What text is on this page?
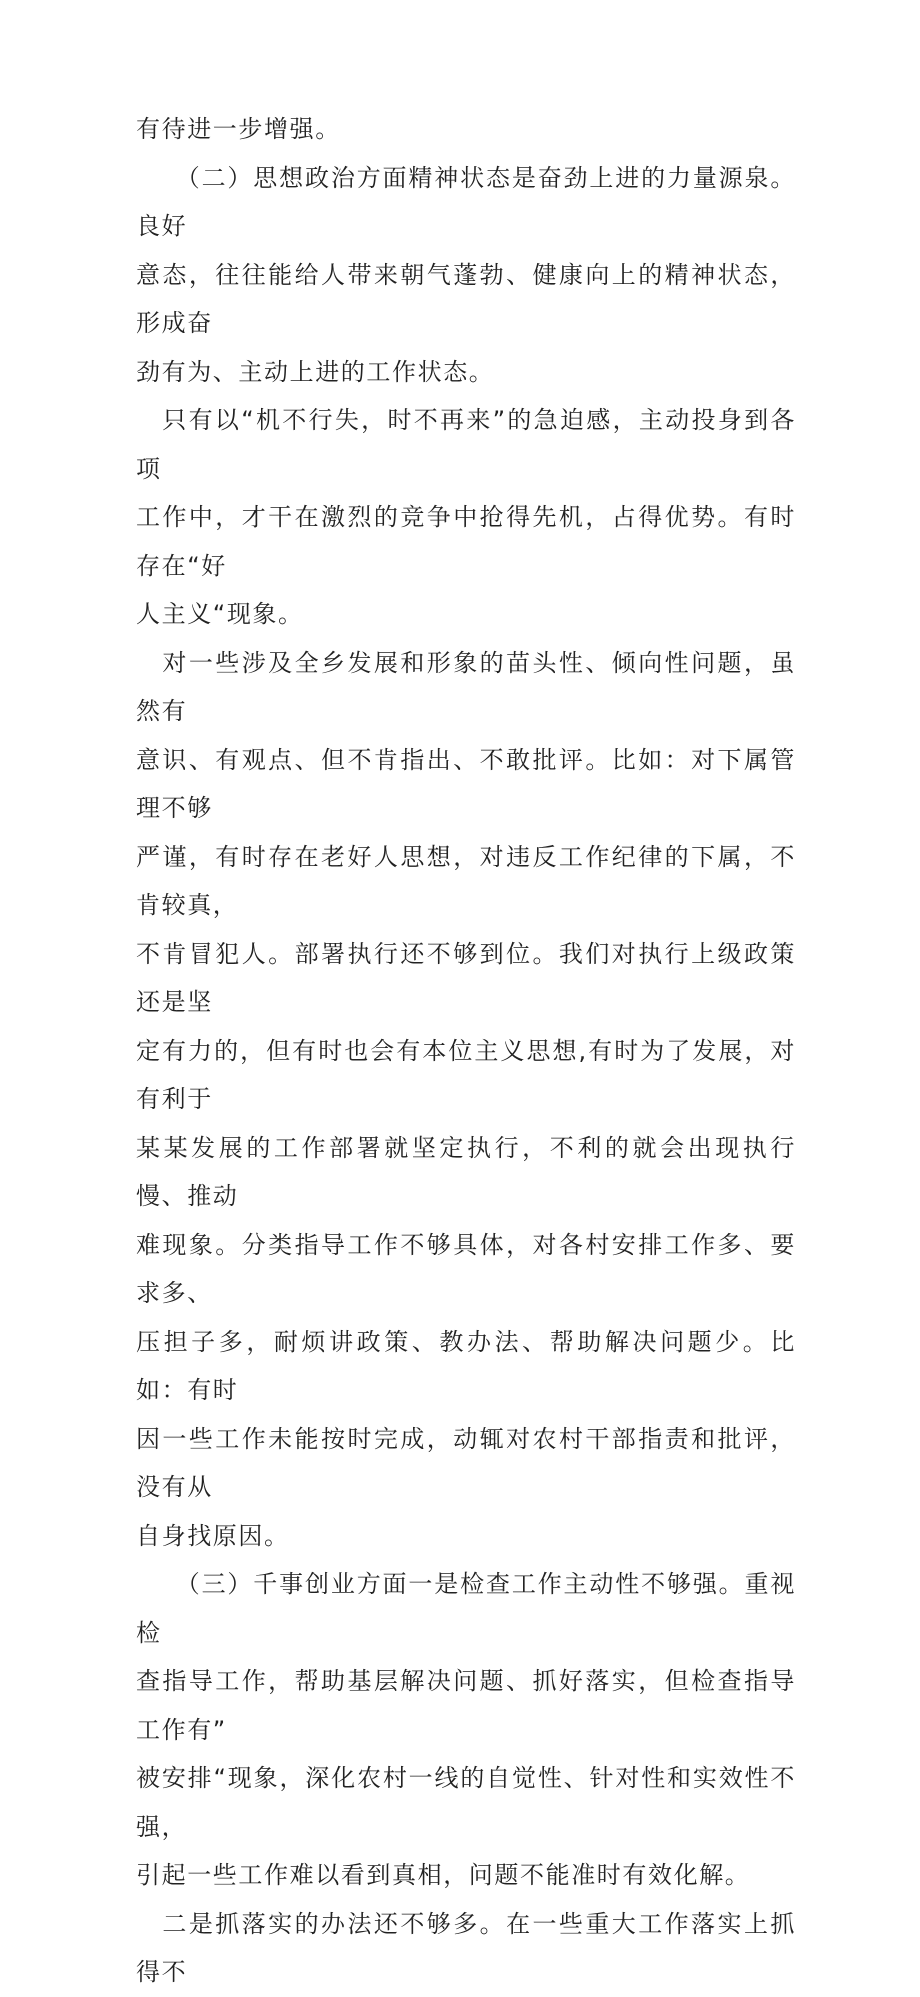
有待进一步增强。

　　（二）思想政治方面精神状态是奋劲上进的力量源泉。良好
意态，往往能给人带来朝气蓬勃、健康向上的精神状态，形成奋
劲有为、主动上进的工作状态。

　只有以“机不行失，时不再来”的急迫感，主动投身到各项
工作中，才干在激烈的竞争中抢得先机，占得优势。有时存在“好
人主义“现象。

　对一些涉及全乡发展和形象的苗头性、倾向性问题，虽然有
意识、有观点、但不肯指出、不敢批评。比如：对下属管理不够
严谨，有时存在老好人思想，对违反工作纪律的下属，不肯较真，
不肯冒犯人。部署执行还不够到位。我们对执行上级政策还是坚
定有力的，但有时也会有本位主义思想,有时为了发展，对有利于
某某发展的工作部署就坚定执行，不利的就会出现执行慢、推动
难现象。分类指导工作不够具体，对各村安排工作多、要求多、
压担子多，耐烦讲政策、教办法、帮助解决问题少。比如：有时
因一些工作未能按时完成，动辄对农村干部指责和批评，没有从
自身找原因。

　　（三）千事创业方面一是检查工作主动性不够强。重视检
查指导工作，帮助基层解决问题、抓好落实，但检查指导工作有”
被安排“现象，深化农村一线的自觉性、针对性和实效性不强，
引起一些工作难以看到真相，问题不能准时有效化解。

　二是抓落实的办法还不够多。在一些重大工作落实上抓得不
